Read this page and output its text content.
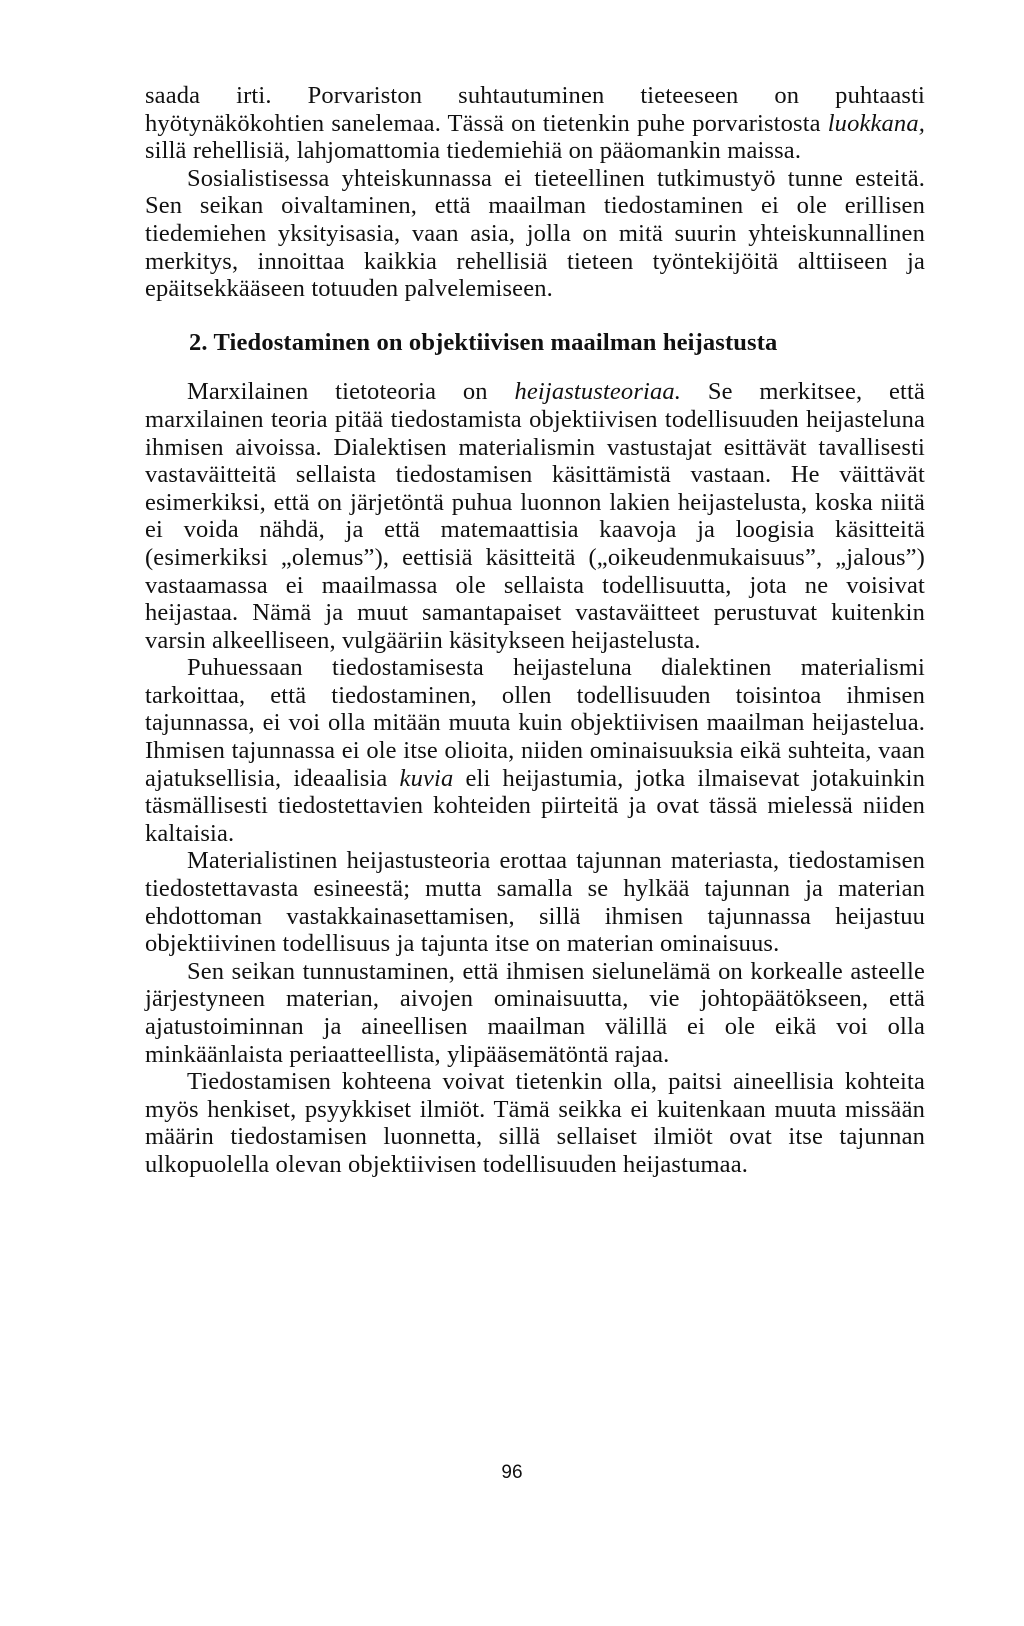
saada irti. Porvariston suhtautuminen tieteeseen on puhtaasti hyötynäkökohtien sanelemaa. Tässä on tietenkin puhe porvaristosta luokkana, sillä rehellisiä, lahjomattomia tiedemiehiä on pääomankin maissa.

Sosialistisessa yhteiskunnassa ei tieteellinen tutkimustyö tunne esteitä. Sen seikan oivaltaminen, että maailman tiedostaminen ei ole erillisen tiedemiehen yksityisasia, vaan asia, jolla on mitä suurin yhteiskunnallinen merkitys, innoittaa kaikkia rehellisiä tieteen työntekijöitä alttiiseen ja epäitsekkääseen totuuden palvelemiseen.

2. Tiedostaminen on objektiivisen maailman heijastusta

Marxilainen tietoteoria on heijastusteoriaa. Se merkitsee, että marxilainen teoria pitää tiedostamista objektiivisen todellisuuden heijasteluna ihmisen aivoissa. Dialektisen materialismin vastustajat esittävät tavallisesti vastaväitteitä sellaista tiedostamisen käsittämistä vastaan. He väittävät esimerkiksi, että on järjetöntä puhua luonnon lakien heijastelusta, koska niitä ei voida nähdä, ja että matemaattisia kaavoja ja loogisia käsitteitä (esimerkiksi „olemus”), eettisiä käsitteitä („oikeudenmukaisuus”, „jalous”) vastaamassa ei maailmassa ole sellaista todellisuutta, jota ne voisivat heijastaa. Nämä ja muut samantapaiset vastaväitteet perustuvat kuitenkin varsin alkeelliseen, vulgääriin käsitykseen heijastelusta.

Puhuessaan tiedostamisesta heijasteluna dialektinen materialismi tarkoittaa, että tiedostaminen, ollen todellisuuden toisintoa ihmisen tajunnassa, ei voi olla mitään muuta kuin objektiivisen maailman heijastelua. Ihmisen tajunnassa ei ole itse olioita, niiden ominaisuuksia eikä suhteita, vaan ajatuksellisia, ideaalisia kuvia eli heijastumia, jotka ilmaisevat jotakuinkin täsmällisesti tiedostettavien kohteiden piirteitä ja ovat tässä mielessä niiden kaltaisia.

Materialistinen heijastusteoria erottaa tajunnan materiasta, tiedostamisen tiedostettavasta esineestä; mutta samalla se hylkää tajunnan ja materian ehdottoman vastakkainasettamisen, sillä ihmisen tajunnassa heijastuu objektiivinen todellisuus ja tajunta itse on materian ominaisuus.

Sen seikan tunnustaminen, että ihmisen sielunelämä on korkealle asteelle järjestyneen materian, aivojen ominaisuutta, vie johtopäätökseen, että ajatustoiminnan ja aineellisen maailman välillä ei ole eikä voi olla minkäänlaista periaatteellista, ylipääsemätöntä rajaa.

Tiedostamisen kohteena voivat tietenkin olla, paitsi aineellisia kohteita myös henkiset, psyykkiset ilmiöt. Tämä seikka ei kuitenkaan muuta missään määrin tiedostamisen luonnetta, sillä sellaiset ilmiöt ovat itse tajunnan ulkopuolella olevan objektiivisen todellisuuden heijastumaa.

96
